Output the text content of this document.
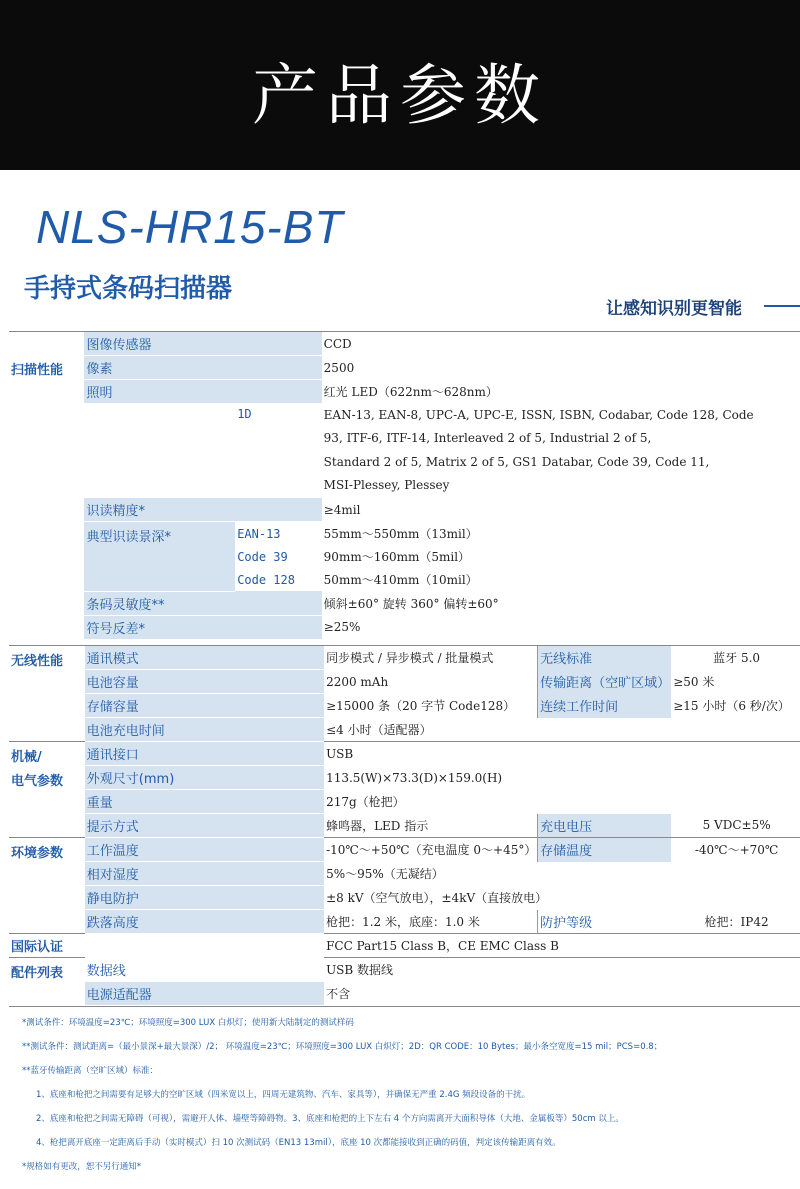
产品参数
NLS-HR15-BT
手持式条码扫描器
让感知识别更智能
扫描性能	图像传感器		CCD
	像素		2500
	照明		红光 LED（622nm～628nm）
		1D	EAN-13, EAN-8, UPC-A, UPC-E, ISSN, ISBN, Codabar, Code 128, Code
93, ITF-6, ITF-14, Interleaved 2 of 5, Industrial 2 of 5,
Standard 2 of 5, Matrix 2 of 5, GS1 Databar, Code 39, Code 11,
MSI-Plessey, Plessey

	识读精度*		≥4mil
	典型识读景深*	EAN-13	55mm～550mm（13mil）
		Code 39	90mm～160mm（5mil）
		Code 128	50mm～410mm（10mil）
	条码灵敏度**		倾斜±60° 旋转 360° 偏转±60°
	符号反差*		≥25%
无线性能	通讯模式	同步模式 / 异步模式 / 批量模式	无线标准	蓝牙 5.0
	电池容量	2200 mAh	传输距离（空旷区域）	≥50 米
	存储容量	≥15000 条（20 字节 Code128）	连续工作时间	≥15 小时（6 秒/次）
	电池充电时间	≤4 小时（适配器）		

机械/
电气参数	通讯接口	USB		
	外观尺寸(mm)	113.5(W)×73.3(D)×159.0(H)		
	重量	217g（枪把）		
	提示方式	蜂鸣器，LED 指示	充电电压	5 VDC±5%
环境参数	工作温度	-10℃～+50℃（充电温度 0～+45°）	存储温度	-40℃～+70℃
	相对湿度	5%～95%（无凝结）		
	静电防护	±8 kV（空气放电），±4kV（直接放电）		
	跌落高度	枪把：1.2 米，底座：1.0 米	防护等级	枪把：IP42
国际认证		FCC Part15 Class B，CE EMC Class B		
配件列表	数据线	USB 数据线		
	电源适配器	不含		

*测试条件：环境温度=23℃；环境照度=300 LUX 白炽灯；使用新大陆制定的测试样码

**测试条件：测试距离=（最小景深+最大景深）/2； 环境温度=23℃；环境照度=300 LUX 白炽灯；2D：QR CODE：10 Bytes；最小条空宽度=15 mil；PCS=0.8；

**蓝牙传输距离（空旷区域）标准：

1、底座和枪把之间需要有足够大的空旷区域（四米宽以上，四周无建筑物、汽车、家具等），并确保无严重 2.4G 频段设备的干扰。

2、底座和枪把之间需无障碍（可视），需避开人体、墙壁等障碍物。3、底座和枪把的上下左右 4 个方向需离开大面积导体（大地、金属板等）50cm 以上。

4、枪把离开底座一定距离后手动（实时模式）扫 10 次测试码（EN13 13mil），底座 10 次都能接收到正确的码值，判定该传输距离有效。

*规格如有更改，恕不另行通知*
